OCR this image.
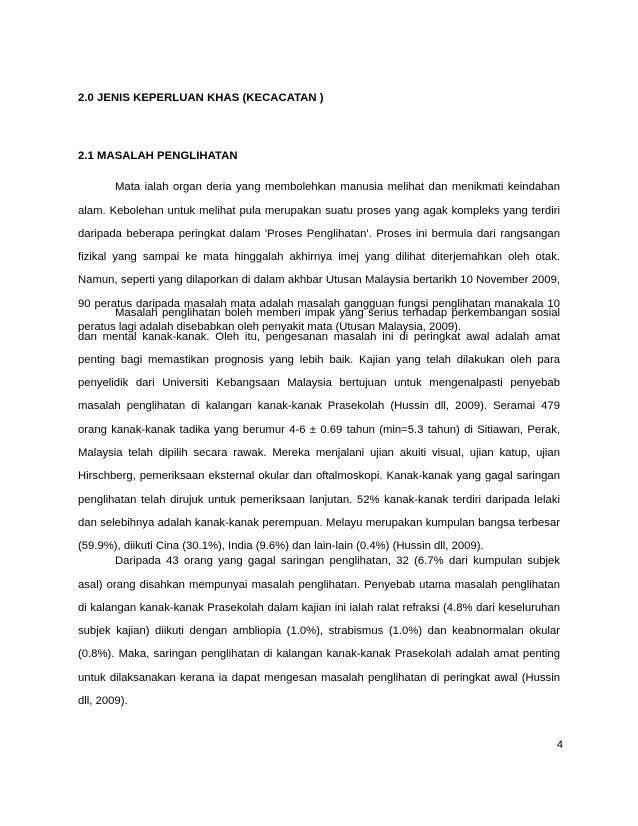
2.0 JENIS KEPERLUAN KHAS (KECACATAN )
2.1 MASALAH PENGLIHATAN

Mata ialah organ deria yang membolehkan manusia melihat dan menikmati keindahan alam. Kebolehan untuk melihat pula merupakan suatu proses yang agak kompleks yang terdiri daripada beberapa peringkat dalam 'Proses Penglihatan'. Proses ini bermula dari rangsangan fizikal yang sampai ke mata hinggalah akhirnya imej yang dilihat diterjemahkan oleh otak. Namun, seperti yang dilaporkan di dalam akhbar Utusan Malaysia bertarikh 10 November 2009, 90 peratus daripada masalah mata adalah masalah gangguan fungsi penglihatan manakala 10 peratus lagi adalah disebabkan oleh penyakit mata (Utusan Malaysia, 2009).

Masalah penglihatan boleh memberi impak yang serius terhadap perkembangan sosial dan mental kanak-kanak. Oleh itu, pengesanan masalah ini di peringkat awal adalah amat penting bagi memastikan prognosis yang lebih baik. Kajian yang telah dilakukan oleh para penyelidik dari Universiti Kebangsaan Malaysia bertujuan untuk mengenalpasti penyebab masalah penglihatan di kalangan kanak-kanak Prasekolah (Hussin dll, 2009). Seramai 479 orang kanak-kanak tadika yang berumur 4-6 ± 0.69 tahun (min=5.3 tahun) di Sitiawan, Perak, Malaysia telah dipilih secara rawak. Mereka menjalani ujian akuiti visual, ujian katup, ujian Hirschberg, pemeriksaan eksternal okular dan oftalmoskopi. Kanak-kanak yang gagal saringan penglihatan telah dirujuk untuk pemeriksaan lanjutan. 52% kanak-kanak terdiri daripada lelaki dan selebihnya adalah kanak-kanak perempuan. Melayu merupakan kumpulan bangsa terbesar (59.9%), diikuti Cina (30.1%), India (9.6%) dan lain-lain (0.4%) (Hussin dll, 2009).

Daripada 43 orang yang gagal saringan penglihatan, 32 (6.7% dari kumpulan subjek asal) orang disahkan mempunyai masalah penglihatan. Penyebab utama masalah penglihatan di kalangan kanak-kanak Prasekolah dalam kajian ini ialah ralat refraksi (4.8% dari keseluruhan subjek kajian) diikuti dengan ambliopia (1.0%), strabismus (1.0%) dan keabnormalan okular (0.8%). Maka, saringan penglihatan di kalangan kanak-kanak Prasekolah adalah amat penting untuk dilaksanakan kerana ia dapat mengesan masalah penglihatan di peringkat awal (Hussin dll, 2009).

4
